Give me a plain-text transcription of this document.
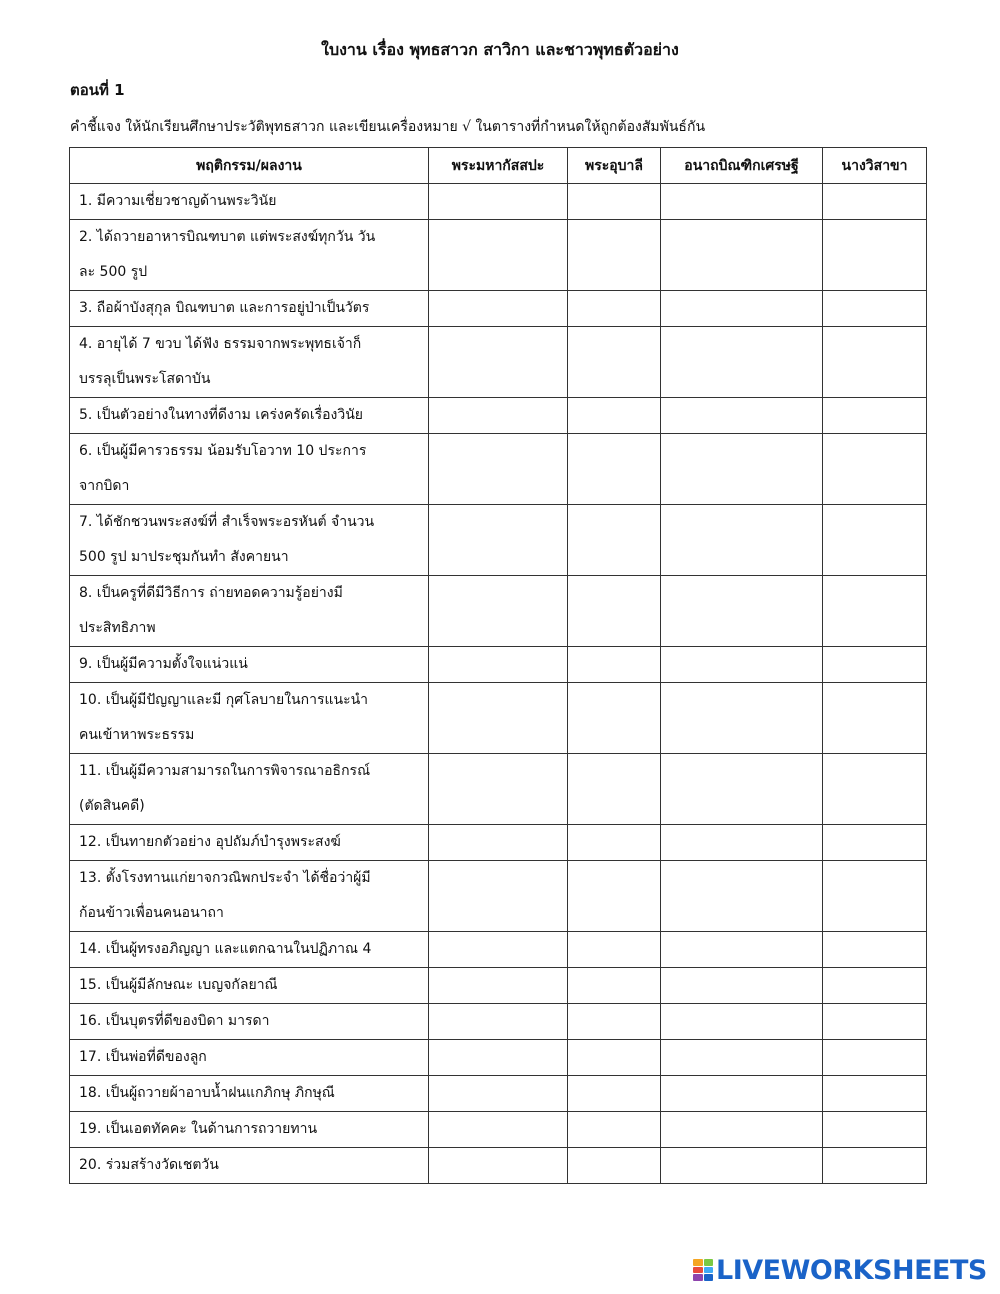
ใบงาน เรื่อง พุทธสาวก สาวิกา และชาวพุทธตัวอย่าง
ตอนที่ 1
คำชี้แจง ให้นักเรียนศึกษาประวัติพุทธสาวก และเขียนเครื่องหมาย √ ในตารางที่กำหนดให้ถูกต้องสัมพันธ์กัน
พฤติกรรม/ผลงาน	พระมหากัสสปะ	พระอุบาลี	อนาถบิณฑิกเศรษฐี	นางวิสาขา

1. มีความเชี่ยวชาญด้านพระวินัย				

2. ได้ถวายอาหารบิณฑบาต แต่พระสงฆ์ทุกวัน วัน
ละ 500 รูป				

3. ถือผ้าบังสุกุล บิณฑบาต และการอยู่ป่าเป็นวัตร				

4. อายุได้ 7 ขวบ ได้ฟัง ธรรมจากพระพุทธเจ้าก็
บรรลุเป็นพระโสดาบัน				

5. เป็นตัวอย่างในทางที่ดีงาม เคร่งครัดเรื่องวินัย				

6. เป็นผู้มีคารวธรรม น้อมรับโอวาท 10 ประการ
จากบิดา				

7. ได้ชักชวนพระสงฆ์ที่ สำเร็จพระอรหันต์ จำนวน
500 รูป มาประชุมกันทำ สังคายนา				

8. เป็นครูที่ดีมีวิธีการ ถ่ายทอดความรู้อย่างมี
ประสิทธิภาพ				

9. เป็นผู้มีความตั้งใจแน่วแน่				

10. เป็นผู้มีปัญญาและมี กุศโลบายในการแนะนำ
คนเข้าหาพระธรรม				

11. เป็นผู้มีความสามารถในการพิจารณาอธิกรณ์
(ตัดสินคดี)				

12. เป็นทายกตัวอย่าง อุปถัมภ์บำรุงพระสงฆ์				

13. ตั้งโรงทานแก่ยาจกวณิพกประจำ ได้ชื่อว่าผู้มี
ก้อนข้าวเพื่อนคนอนาถา				

14. เป็นผู้ทรงอภิญญา และแตกฉานในปฏิภาณ 4				

15. เป็นผู้มีลักษณะ เบญจกัลยาณี				

16. เป็นบุตรที่ดีของบิดา มารดา				

17. เป็นพ่อที่ดีของลูก				

18. เป็นผู้ถวายผ้าอาบน้ำฝนแกภิกษุ ภิกษุณี				

19. เป็นเอตทัคคะ ในด้านการถวายทาน				

20. ร่วมสร้างวัดเชตวัน				

LIVEWORKSHEETS
